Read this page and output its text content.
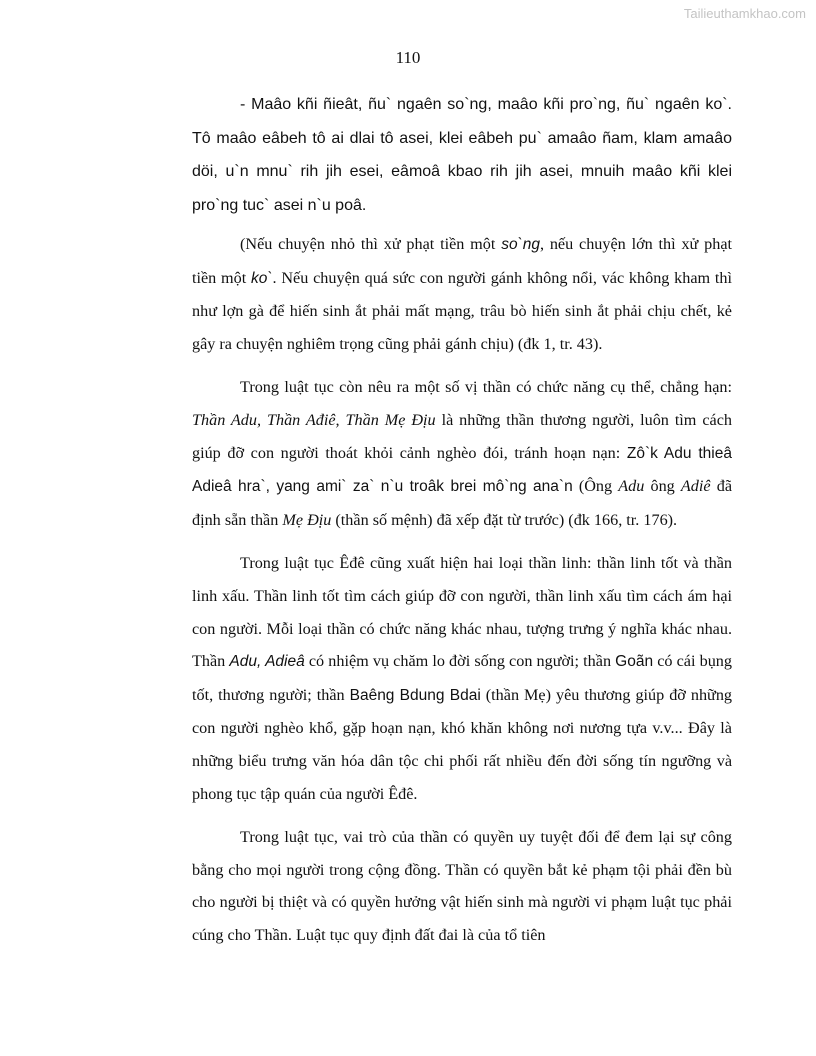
Tailieuthamkhao.com
110

- Maâo kñi ñieât, ñu` ngaên so`ng, maâo kñi pro`ng, ñu` ngaên ko`. Tô maâo eâbeh tô ai dlai tô asei, klei eâbeh pu` amaâo ñam, klam amaâo döi, u`n mnu` rih jih esei, eâmoâ kbao rih jih asei, mnuih maâo kñi klei pro`ng tuc` asei n`u poâ.

(Nếu chuyện nhỏ thì xử phạt tiền một so`ng, nếu chuyện lớn thì xử phạt tiền một ko`. Nếu chuyện quá sức con người gánh không nổi, vác không kham thì như lợn gà để hiến sinh ắt phải mất mạng, trâu bò hiến sinh ắt phải chịu chết, kẻ gây ra chuyện nghiêm trọng cũng phải gánh chịu) (đk 1, tr. 43).

Trong luật tục còn nêu ra một số vị thần có chức năng cụ thể, chẳng hạn: Thần Adu, Thần Ađiê, Thần Mẹ Địu là những thần thương người, luôn tìm cách giúp đỡ con người thoát khỏi cảnh nghèo đói, tránh hoạn nạn: Zô`k Adu thieâ Adieâ hra`, yang ami` za` n`u troâk brei mô`ng ana`n (Ông Adu ông Adiê đã định sẵn thần Mẹ Địu (thần số mệnh) đã xếp đặt từ trước) (đk 166, tr. 176).

Trong luật tục Êđê cũng xuất hiện hai loại thần linh: thần linh tốt và thần linh xấu. Thần linh tốt tìm cách giúp đỡ con người, thần linh xấu tìm cách ám hại con người. Mỗi loại thần có chức năng khác nhau, tượng trưng ý nghĩa khác nhau. Thần Adu, Adieâ có nhiệm vụ chăm lo đời sống con người; thần Goãn có cái bụng tốt, thương người; thần Baêng Bdung Bdai (thần Mẹ) yêu thương giúp đỡ những con người nghèo khổ, gặp hoạn nạn, khó khăn không nơi nương tựa v.v... Đây là những biểu trưng văn hóa dân tộc chi phối rất nhiều đến đời sống tín ngưỡng và phong tục tập quán của người Êđê.

Trong luật tục, vai trò của thần có quyền uy tuyệt đối để đem lại sự công bằng cho mọi người trong cộng đồng. Thần có quyền bắt kẻ phạm tội phải đền bù cho người bị thiệt và có quyền hưởng vật hiến sinh mà người vi phạm luật tục phải cúng cho Thần. Luật tục quy định đất đai là của tổ tiên
